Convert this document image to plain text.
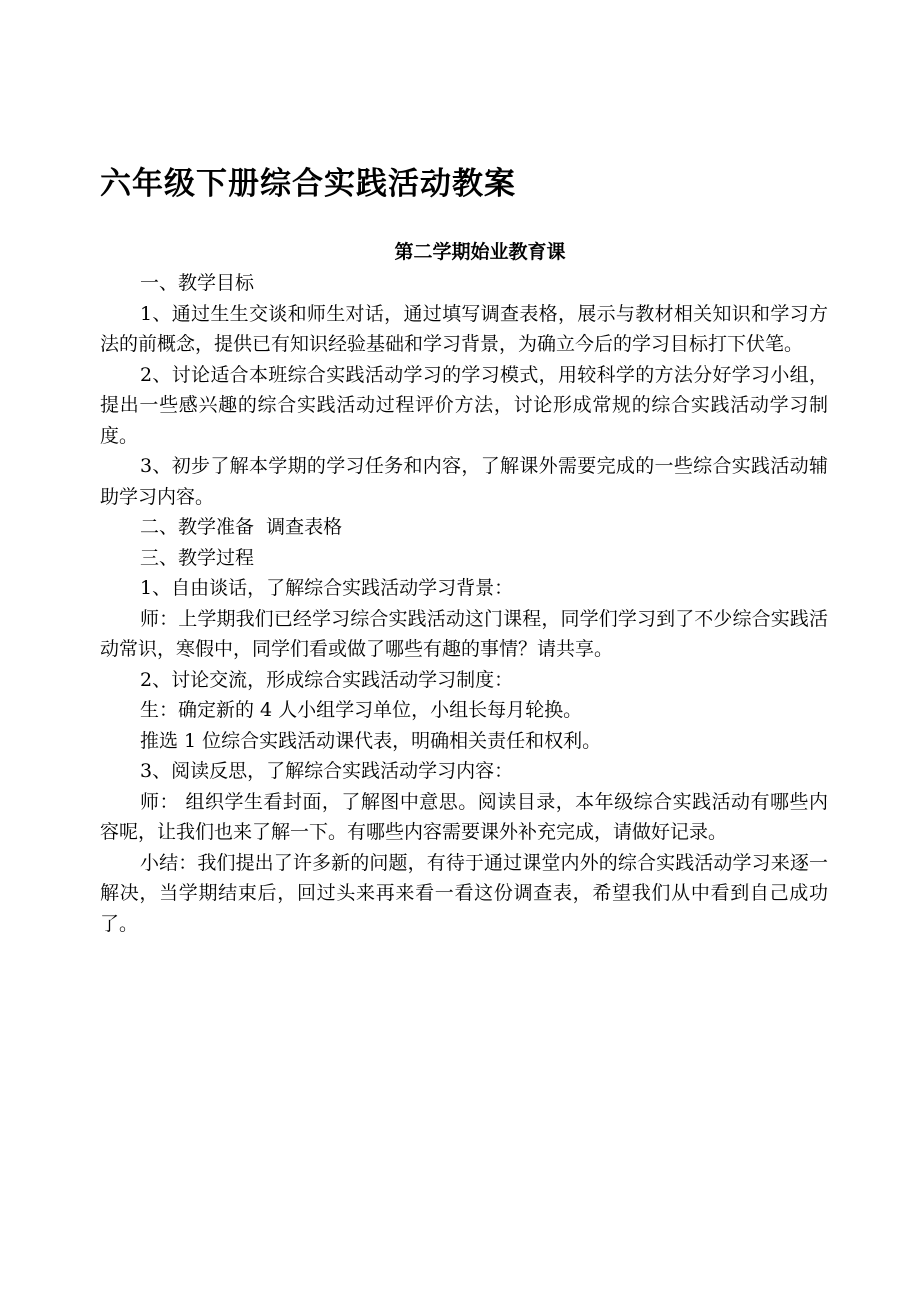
六年级下册综合实践活动教案
第二学期始业教育课

一、教学目标

1、通过生生交谈和师生对话，通过填写调查表格，展示与教材相关知识和学习方法的前概念，提供已有知识经验基础和学习背景，为确立今后的学习目标打下伏笔。

2、讨论适合本班综合实践活动学习的学习模式，用较科学的方法分好学习小组，提出一些感兴趣的综合实践活动过程评价方法，讨论形成常规的综合实践活动学习制度。

3、初步了解本学期的学习任务和内容，了解课外需要完成的一些综合实践活动辅助学习内容。

二、教学准备  调查表格

三、教学过程

1、自由谈话，了解综合实践活动学习背景：

师：上学期我们已经学习综合实践活动这门课程，同学们学习到了不少综合实践活动常识，寒假中，同学们看或做了哪些有趣的事情？请共享。

2、讨论交流，形成综合实践活动学习制度：

生：确定新的 4 人小组学习单位，小组长每月轮换。

推选 1 位综合实践活动课代表，明确相关责任和权利。

3、阅读反思，了解综合实践活动学习内容：

师： 组织学生看封面，了解图中意思。阅读目录，本年级综合实践活动有哪些内容呢，让我们也来了解一下。有哪些内容需要课外补充完成，请做好记录。

小结：我们提出了许多新的问题，有待于通过课堂内外的综合实践活动学习来逐一解决，当学期结束后，回过头来再来看一看这份调查表，希望我们从中看到自己成功了。
